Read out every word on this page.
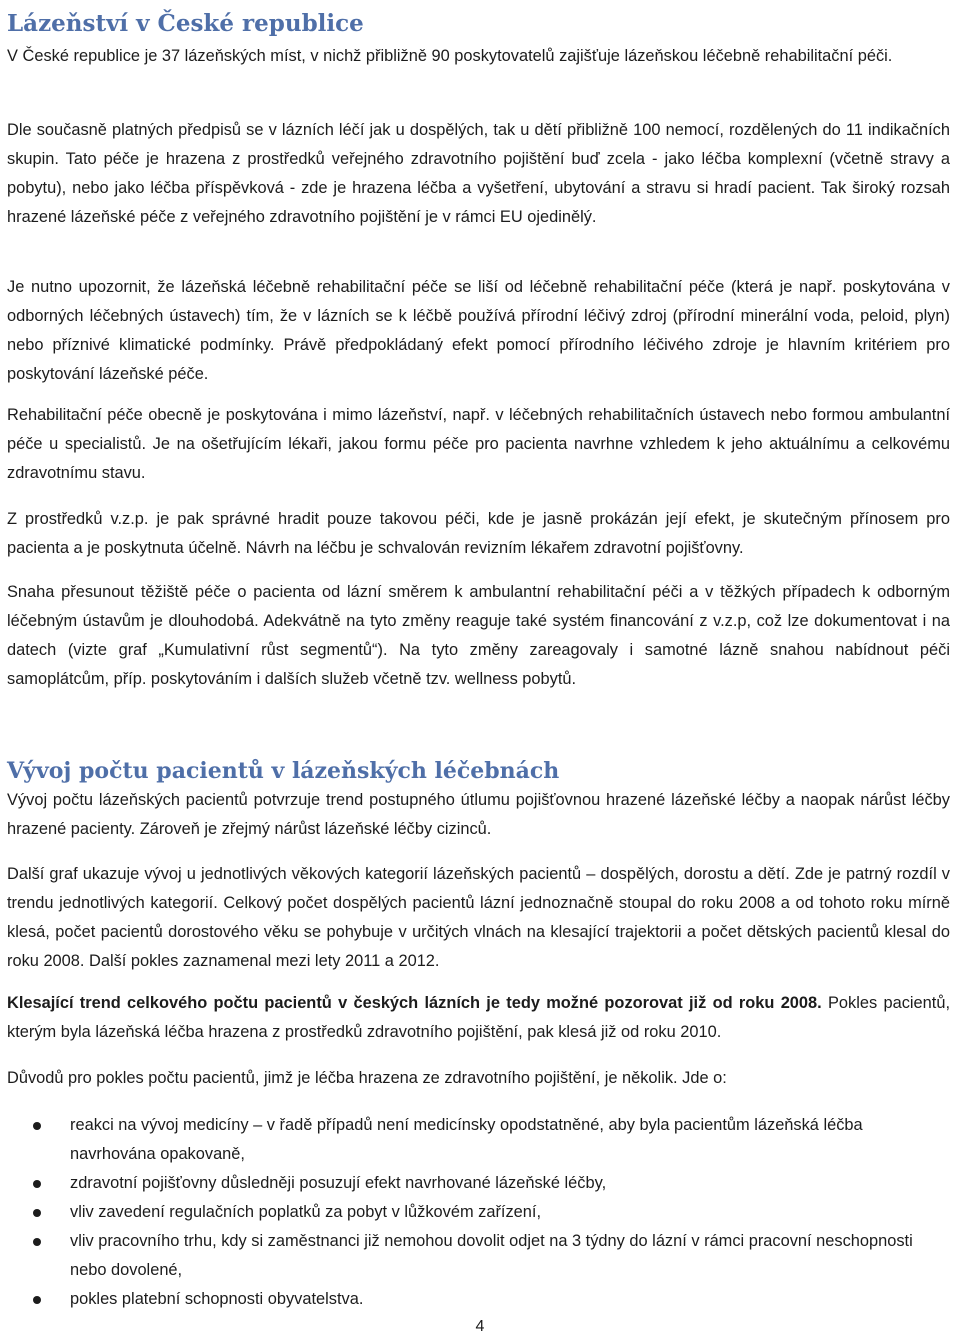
Lázeňství v České republice

V České republice je 37 lázeňských míst, v nichž přibližně 90 poskytovatelů zajišťuje lázeňskou léčebně rehabilitační péči.

Dle současně platných předpisů se v lázních léčí jak u dospělých, tak u dětí přibližně 100 nemocí, rozdělených do 11 indikačních skupin. Tato péče je hrazena z prostředků veřejného zdravotního pojištění buď zcela - jako léčba komplexní (včetně stravy a pobytu), nebo jako léčba příspěvková - zde je hrazena léčba a vyšetření, ubytování a stravu si hradí pacient. Tak široký rozsah hrazené lázeňské péče z veřejného zdravotního pojištění je v rámci EU ojedinělý.

Je nutno upozornit, že lázeňská léčebně rehabilitační péče se liší od léčebně rehabilitační péče (která je např. poskytována v odborných léčebných ústavech) tím, že v lázních se k léčbě používá přírodní léčivý zdroj (přírodní minerální voda, peloid, plyn) nebo příznivé klimatické podmínky. Právě předpokládaný efekt pomocí přírodního léčivého zdroje je hlavním kritériem pro poskytování lázeňské péče.

Rehabilitační péče obecně je poskytována i mimo lázeňství, např. v léčebných rehabilitačních ústavech nebo formou ambulantní péče u specialistů. Je na ošetřujícím lékaři, jakou formu péče pro pacienta navrhne vzhledem k jeho aktuálnímu a celkovému zdravotnímu stavu.

Z prostředků v.z.p. je pak správné hradit pouze takovou péči, kde je jasně prokázán její efekt, je skutečným přínosem pro pacienta a je poskytnuta účelně. Návrh na léčbu je schvalován revizním lékařem zdravotní pojišťovny.

Snaha přesunout těžiště péče o pacienta od lázní směrem k ambulantní rehabilitační péči a v těžkých případech k odborným léčebným ústavům je dlouhodobá. Adekvátně na tyto změny reaguje také systém financování z v.z.p, což lze dokumentovat i na datech (vizte graf „Kumulativní růst segmentů“). Na tyto změny zareagovaly i samotné lázně snahou nabídnout péči samoplátcům, příp. poskytováním i dalších služeb včetně tzv. wellness pobytů.

Vývoj počtu pacientů v lázeňských léčebnách

Vývoj počtu lázeňských pacientů potvrzuje trend postupného útlumu pojišťovnou hrazené lázeňské léčby a naopak nárůst léčby hrazené pacienty. Zároveň je zřejmý nárůst lázeňské léčby cizinců.

Další graf ukazuje vývoj u jednotlivých věkových kategorií lázeňských pacientů – dospělých, dorostu a dětí. Zde je patrný rozdíl v trendu jednotlivých kategorií. Celkový počet dospělých pacientů lázní jednoznačně stoupal do roku 2008 a od tohoto roku mírně klesá, počet pacientů dorostového věku se pohybuje v určitých vlnách na klesající trajektorii a počet dětských pacientů klesal do roku 2008. Další pokles zaznamenal mezi lety 2011 a 2012.

Klesající trend celkového počtu pacientů v českých lázních je tedy možné pozorovat již od roku 2008. Pokles pacientů, kterým byla lázeňská léčba hrazena z prostředků zdravotního pojištění, pak klesá již od roku 2010.

Důvodů pro pokles počtu pacientů, jimž je léčba hrazena ze zdravotního pojištění, je několik. Jde o:

reakci na vývoj medicíny – v řadě případů není medicínsky opodstatněné, aby byla pacientům lázeňská léčba navrhována opakovaně,
zdravotní pojišťovny důsledněji posuzují efekt navrhované lázeňské léčby,
vliv zavedení regulačních poplatků za pobyt v lůžkovém zařízení,
vliv pracovního trhu, kdy si zaměstnanci již nemohou dovolit odjet na 3 týdny do lázní v rámci pracovní neschopnosti nebo dovolené,
pokles platební schopnosti obyvatelstva.
4
